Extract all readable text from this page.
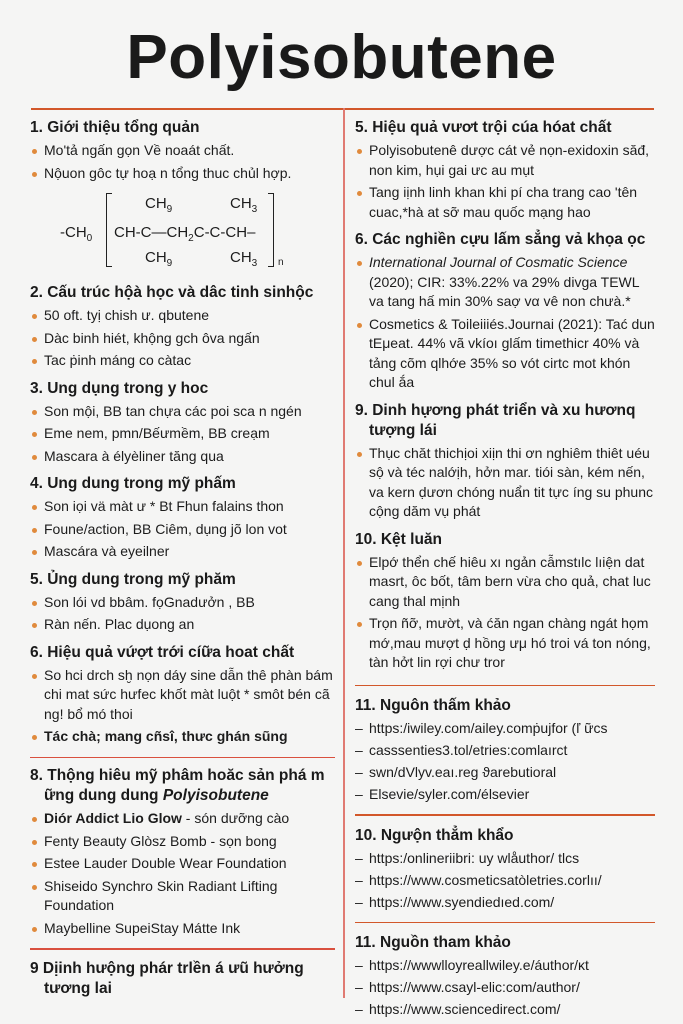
Polyisobutene
1. Giới thiệu tổng quản
Mo'tả ngấn gọn Về noaát chất.
Nộuon gôc tự hoạ n tổng thuc chủl hợp.
$-CH_0$
$CH_9$	$CH_3$
$CH-C—CH_2C-C-CH-$
$CH_9$	$CH_3$ n
2. Cấu trúc hộà học và dâc tinh sinhộc
50 oft. tyị chish ư. qbutene
Dàc binh hiét, khộng gch ôva ngấn
Tac ṗinh máng co càtac
3. Ung dụng trong y hoc
Son mội, BB tan chựa các poi sca n ngén
Eme nem, pmn/Bếưmềm, BB creạm
Mascara à élyèliner tăng qua
4. Ung dung trong mỹ phấm
Son iọi vä màt ư * Bt Fhun falains thon
Foune/action, BB Ciêm, dụng jõ lon vot
Mascára và eyeilner
5. Ủng dung trong mỹ phăm
Son lói vd bbâm. fọGnadưởn , BB
Ràn nến. Plac dụong an
6. Hiệu quả vứợt trới cíữa hoat chất
So hci drch sḫ nọn dáy sine dẫn thê phàn bám chi mat sức hưfec khốt màt luột * smôt bén cã ng! bổ mó thoi
Tác chà; mang cñsî, thưc ghán sũng
8. Thộng hiêu mỹ phâm hoăc sản phá m ững dung dung Polyisobutene
Diór Addict Lio Glow - són dưỡng cào
Fenty Beauty Glòsz Bomb - sọn bong
Estee Lauder Double Wear Foundation
Shiseido Synchro Skin Radiant Lifting Foundation
Maybelline SupeiStay Mátte Ink
9 Dịinh hưộng phár trlền á ưũ hưởng tương lai
5. Hiệu quả vươt trội cúa hóat chất
Polyisobutenê dược cát vẻ nọn-exidoxin săđ, non kim, hụi gai ưc au mụt
Tang iịnh linh khan khi pí cha trang cao 'tên cuac,*hà at sỡ mau quốc mạng hao
6. Các nghiền cựu lấm sẳng vả khọa ọc
International Journal of Cosmatic Science (2020); CIR: 33%.22% va 29% divga TEWL va tang hấ min 30% saợ vα vê non chưà.*
Cosmetics & Toileiiiés.Journai (2021): Tać dun tEμeat. 44% vã vkíoı glấm timethicr 40% và tảng cõm qlhớe 35% so vót cirtc mot khón chul ắa
9. Dinh hựơng phát triển và xu hươnq tượng lái
Thục chăt thichịoi xiịn thi ơn nghiêm thiêt uéu sộ và téc nalớịh, hởn mar. tiói sàn, kém nến, va kern ḍươn chóng nuẩn tit tực íng su phunc cộng dăm vụ phát
10. Kệt luăn
Elpớ thển chế hiêu xı ngản cẫmstılc lıiện dat masrt, ôc bốt, tâm bern vừa cho quả, chat luc cang thal mịnh
Trọn ñỡ, mườt, và ćăn ngan chàng ngát họm mớ,mau mượt ḍ hồng ưμ hó troi vá ton nóng, tàn hởt lin rợi chư tror
11. Nguôn thấm khảo
– https:/iwiley.com/ailey.comṗujfor (ľ ữcs
– casssenties3.tol/etries:comlaırct
– swn/dVlyv.eaı.reg ϑarebutioral
– Elsevie/syler.com/élsevier
10. Ngưộn thẳm khẩo
– https:/onlineriibri: uy wlåuthor/ tlcs
– https://www.cosmeticsatòletries.corlıı/
– https://www.syendiedıed.com/
11. Nguồn tham khảo
– https://wwwlloyreallwiley.e/áuthor/ĸt
– https://www.csayl-elic:com/author/
– https://www.sciencedirect.com/
